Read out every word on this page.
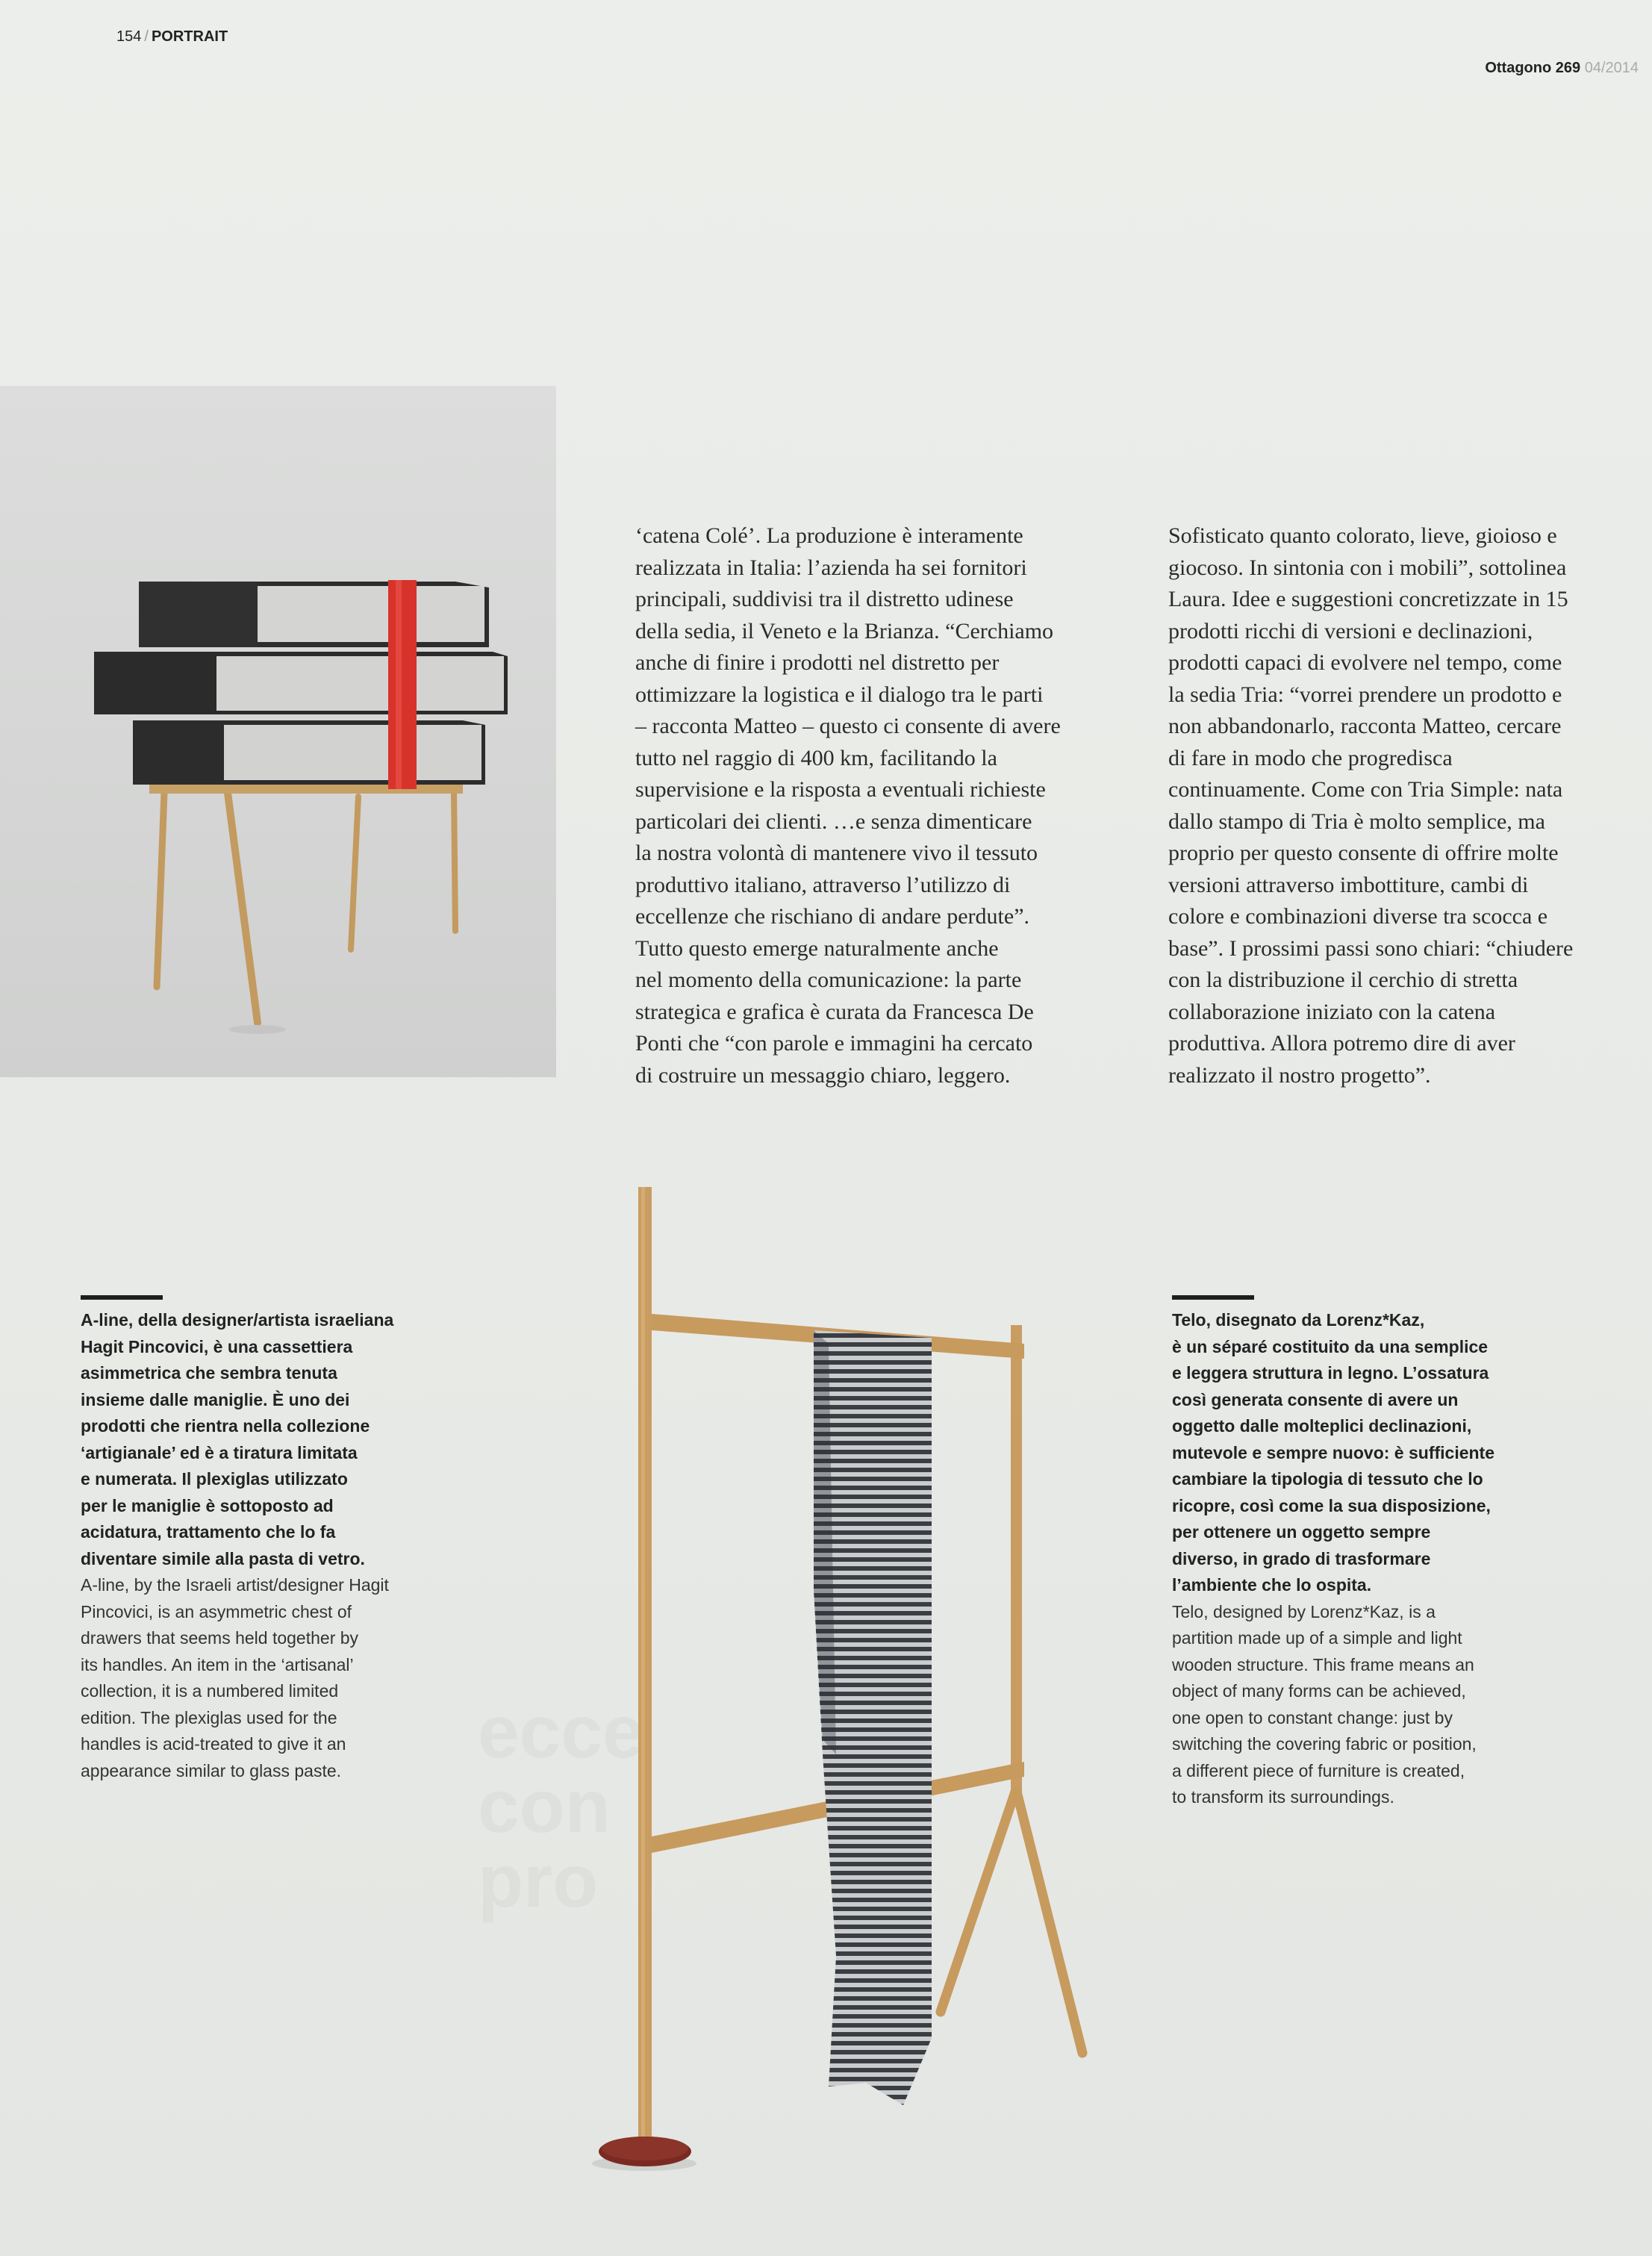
154 / PORTRAIT
Ottagono 269 04/2014

‘catena Colé’. La produzione è interamente
realizzata in Italia: l’azienda ha sei fornitori
principali, suddivisi tra il distretto udinese
della sedia, il Veneto e la Brianza. “Cerchiamo
anche di finire i prodotti nel distretto per
ottimizzare la logistica e il dialogo tra le parti
– racconta Matteo – questo ci consente di avere
tutto nel raggio di 400 km, facilitando la
supervisione e la risposta a eventuali richieste
particolari dei clienti. …e senza dimenticare
la nostra volontà di mantenere vivo il tessuto
produttivo italiano, attraverso l’utilizzo di
eccellenze che rischiano di andare perdute”.
Tutto questo emerge naturalmente anche
nel momento della comunicazione: la parte
strategica e grafica è curata da Francesca De
Ponti che “con parole e immagini ha cercato
di costruire un messaggio chiaro, leggero.

Sofisticato quanto colorato, lieve, gioioso e
giocoso. In sintonia con i mobili”, sottolinea
Laura. Idee e suggestioni concretizzate in 15
prodotti ricchi di versioni e declinazioni,
prodotti capaci di evolvere nel tempo, come
la sedia Tria: “vorrei prendere un prodotto e
non abbandonarlo, racconta Matteo, cercare
di fare in modo che progredisca
continuamente. Come con Tria Simple: nata
dallo stampo di Tria è molto semplice, ma
proprio per questo consente di offrire molte
versioni attraverso imbottiture, cambi di
colore e combinazioni diverse tra scocca e
base”. I prossimi passi sono chiari: “chiudere
con la distribuzione il cerchio di stretta
collaborazione iniziato con la catena
produttiva. Allora potremo dire di aver
realizzato il nostro progetto”.

A-line, della designer/artista israeliana
Hagit Pincovici, è una cassettiera
asimmetrica che sembra tenuta
insieme dalle maniglie. È uno dei
prodotti che rientra nella collezione
‘artigianale’ ed è a tiratura limitata
e numerata. Il plexiglas utilizzato
per le maniglie è sottoposto ad
acidatura, trattamento che lo fa
diventare simile alla pasta di vetro.
A-line, by the Israeli artist/designer Hagit
Pincovici, is an asymmetric chest of
drawers that seems held together by
its handles. An item in the ‘artisanal’
collection, it is a numbered limited
edition. The plexiglas used for the
handles is acid-treated to give it an
appearance similar to glass paste.
Telo, disegnato da Lorenz*Kaz,
è un séparé costituito da una semplice
e leggera struttura in legno. L’ossatura
così generata consente di avere un
oggetto dalle molteplici declinazioni,
mutevole e sempre nuovo: è sufficiente
cambiare la tipologia di tessuto che lo
ricopre, così come la sua disposizione,
per ottenere un oggetto sempre
diverso, in grado di trasformare
l’ambiente che lo ospita.
Telo, designed by Lorenz*Kaz, is a
partition made up of a simple and light
wooden structure. This frame means an
object of many forms can be achieved,
one open to constant change: just by
switching the covering fabric or position,
a different piece of furniture is created,
to transform its surroundings.
